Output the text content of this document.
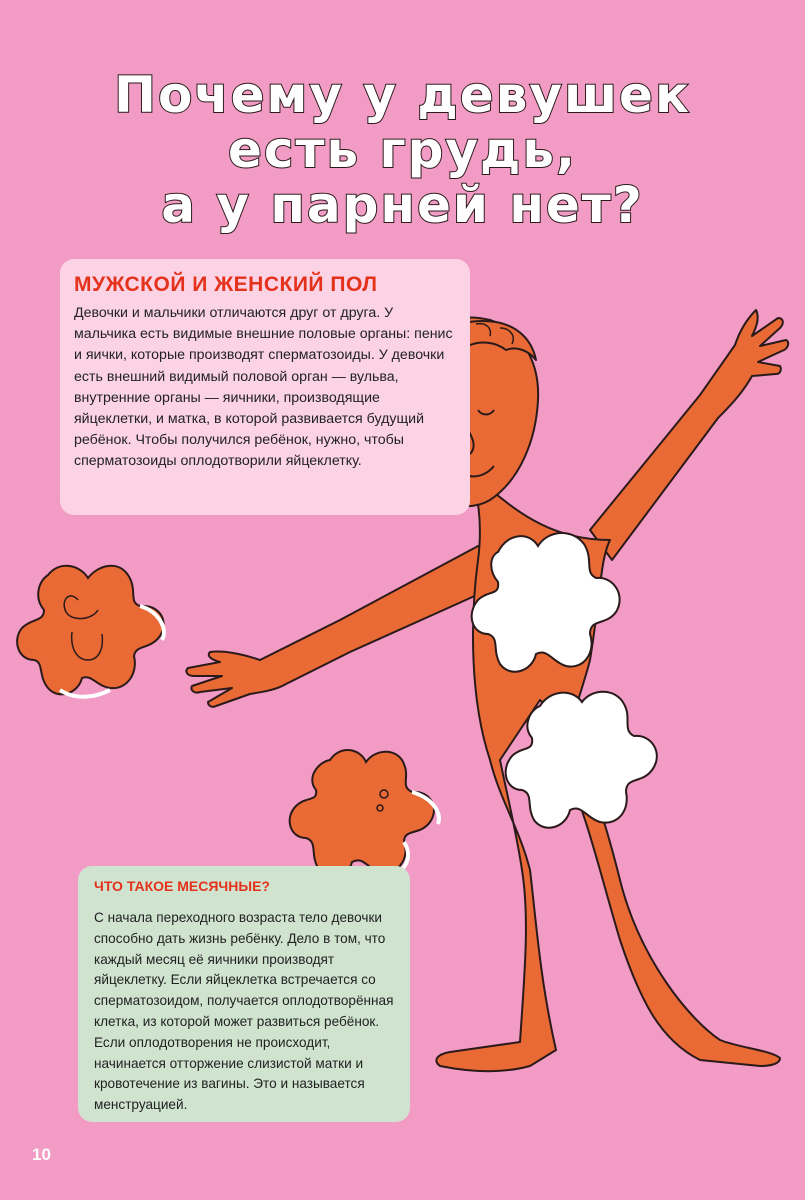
Почему у девушек
есть грудь,
а у парней нет?
МУЖСКОЙ И ЖЕНСКИЙ ПОЛ

Девочки и мальчики отличаются друг от друга. У мальчика есть видимые внешние половые органы: пенис и яички, которые производят сперматозоиды. У девочки есть внешний видимый половой орган — вульва, внутренние органы — яичники, производящие яйцеклетки, и матка, в которой развивается будущий ребёнок. Чтобы получился ребёнок, нужно, чтобы сперматозоиды оплодотворили яйцеклетку.

ЧТО ТАКОЕ МЕСЯЧНЫЕ?

С начала переходного возраста тело девочки способно дать жизнь ребёнку. Дело в том, что каждый месяц её яичники производят яйцеклетку. Если яйцеклетка встречается со сперматозоидом, получается оплодотворённая клетка, из которой может развиться ребёнок. Если оплодотворения не происходит, начинается отторжение слизистой матки и кровотечение из вагины. Это и называется менструацией.

10
